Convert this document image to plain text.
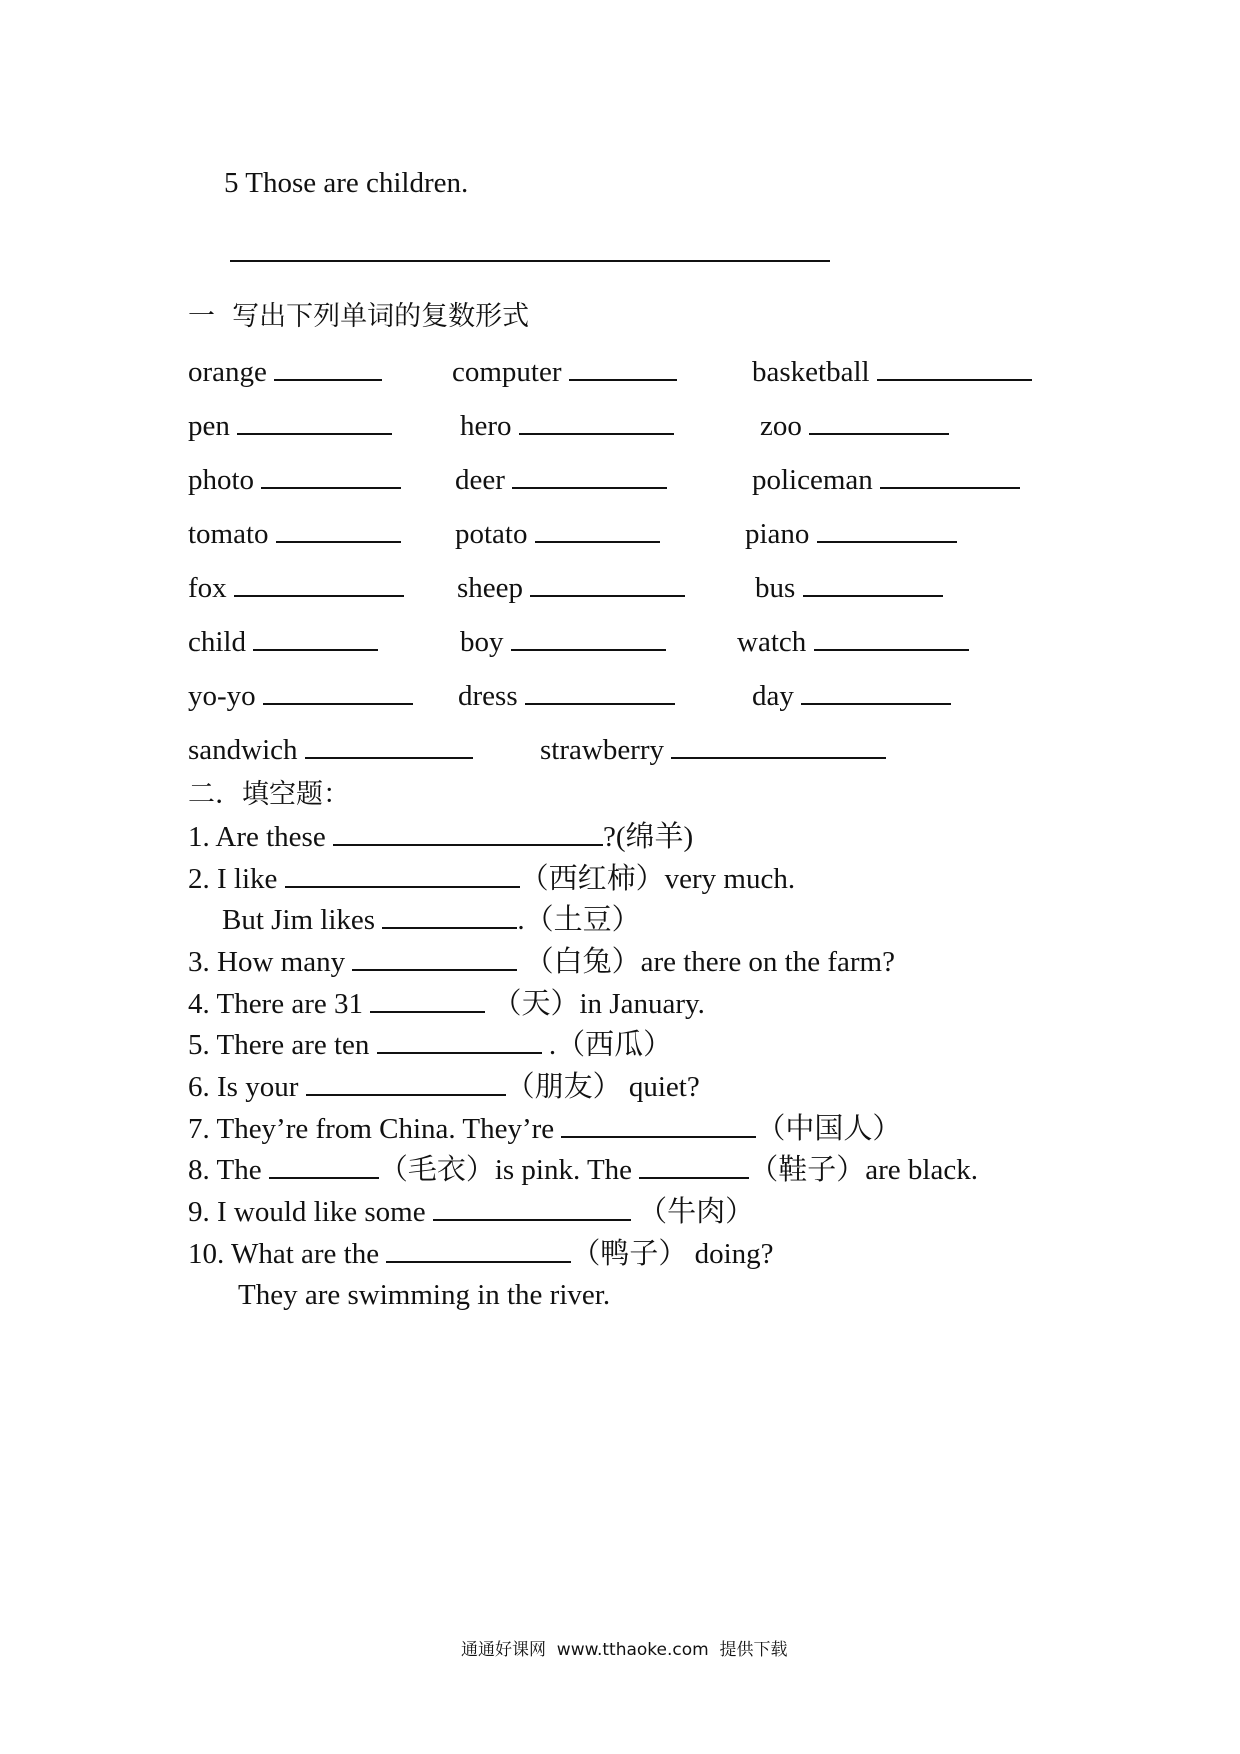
5 Those are children.
一  写出下列单词的复数形式
orange	computer	basketball
pen	hero	zoo
photo	deer	policeman
tomato	potato	piano
fox	sheep	bus
child	boy	watch
yo-yo	dress	day
sandwich	strawberry
二．填空题：
1. Are these	?(绵羊)
2. I like	（西红柿）very much.
But Jim likes	.（土豆）
3. How many	（白兔）are there on the farm?
4. There are 31	（天）in January.
5. There are ten	.（西瓜）
6. Is your	（朋友） quiet?
7. They’re from China. They’re	（中国人）
8. The	（毛衣）is pink. The	（鞋子）are black.
9. I would like some	（牛肉）
10. What are the	（鸭子） doing?
They are swimming in the river.
通通好课网  www.tthaoke.com  提供下载
